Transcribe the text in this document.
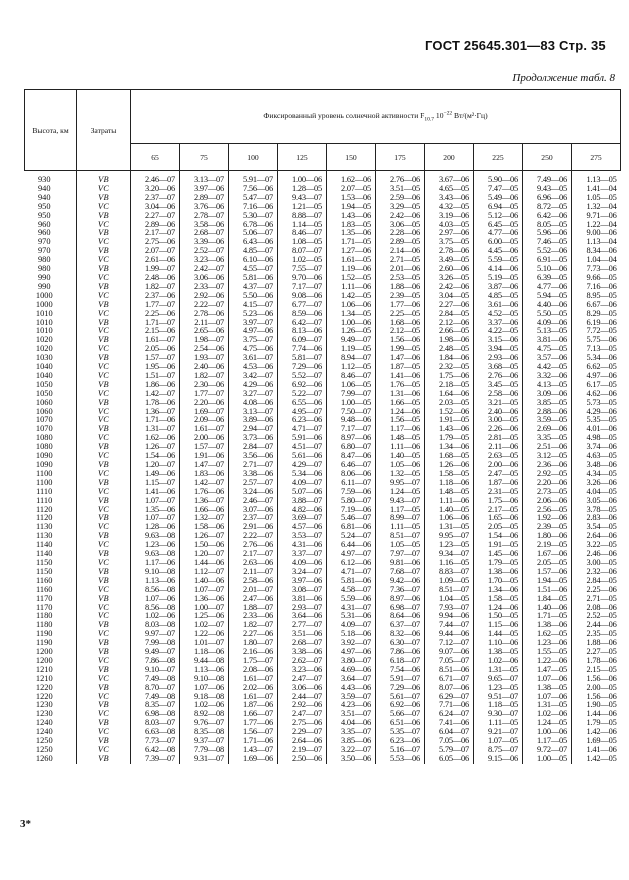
ГОСТ 25645.301—83 Стр. 35
Продолжение табл. 8
Высота, км	Затраты	Фиксированный уровень солнечной активности $F_{10.7}$ $10^{-22}$ Вт/(м²·Гц)									
		65	75	100	125	150	175	200	225	250	275
930	VB	2.46—07	3.13—07	5.91—07	1.00—06	1.62—06	2.76—06	3.67—06	5.90—06	7.49—06	1.13—05
940	VC	3.20—06	3.97—06	7.56—06	1.28—05	2.07—05	3.51—05	4.65—05	7.47—05	9.43—05	1.41—04
940	VB	2.37—07	2.89—07	5.47—07	9.43—07	1.53—06	2.59—06	3.43—06	5.49—06	6.96—06	1.05—05
950	VC	3.04—06	3.76—06	7.16—06	1.21—05	1.94—05	3.29—05	4.32—05	6.94—05	8.72—05	1.32—04
950	VB	2.27—07	2.78—07	5.30—07	8.88—07	1.43—06	2.42—06	3.19—06	5.12—06	6.42—06	9.71—06
960	VC	2.89—06	3.58—06	6.78—06	1.14—05	1.83—05	3.06—05	4.03—05	6.45—05	8.05—05	1.22—04
960	VB	2.17—07	2.68—07	5.06—07	8.46—07	1.35—06	2.28—06	2.97—06	4.77—06	5.96—06	9.00—06
970	VC	2.75—06	3.39—06	6.43—06	1.08—05	1.71—05	2.89—05	3.75—05	6.00—05	7.46—05	1.13—04
970	VB	2.07—07	2.52—07	4.85—07	8.07—07	1.27—06	2.14—06	2.78—06	4.45—06	5.52—06	8.34—06
980	VC	2.61—06	3.23—06	6.10—06	1.02—05	1.61—05	2.71—05	3.49—05	5.59—05	6.91—05	1.04—04
980	VB	1.99—07	2.42—07	4.55—07	7.55—07	1.19—06	2.01—06	2.60—06	4.14—06	5.10—06	7.73—06
990	VC	2.48—06	3.06—06	5.81—06	9.70—06	1.52—05	2.53—05	3.26—05	5.19—05	6.39—05	9.66—05
990	VB	1.82—07	2.33—07	4.37—07	7.17—07	1.11—06	1.88—06	2.42—06	3.87—06	4.77—06	7.16—06
1000	VC	2.37—06	2.92—06	5.50—06	9.08—06	1.42—05	2.39—05	3.04—05	4.85—05	5.94—05	8.95—05
1000	VB	1.77—07	2.22—07	4.15—07	6.77—07	1.06—06	1.77—06	2.27—06	3.61—06	4.40—06	6.67—06
1010	VC	2.25—06	2.78—06	5.23—06	8.59—06	1.34—05	2.25—05	2.84—05	4.52—05	5.50—05	8.29—05
1010	VB	1.71—07	2.11—07	3.97—07	6.42—07	1.00—06	1.68—06	2.12—06	3.37—06	4.09—06	6.19—06
1010	VC	2.15—06	2.65—06	4.97—06	8.13—06	1.26—05	2.12—05	2.66—05	4.22—05	5.13—05	7.72—05
1020	VB	1.61—07	1.98—07	3.75—07	6.09—07	9.49—07	1.56—06	1.98—06	3.15—06	3.81—06	5.75—06
1020	VC	2.05—06	2.54—06	4.75—06	7.74—06	1.19—05	1.99—05	2.48—05	3.94—05	4.75—05	7.13—05
1030	VB	1.57—07	1.93—07	3.61—07	5.81—07	8.94—07	1.47—06	1.84—06	2.93—06	3.57—06	5.34—06
1040	VC	1.95—06	2.40—06	4.53—06	7.29—06	1.12—05	1.87—05	2.32—05	3.68—05	4.42—05	6.62—05
1040	VC	1.51—07	1.82—07	3.42—07	5.52—07	8.46—07	1.41—06	1.75—06	2.76—06	3.32—06	4.97—06
1050	VB	1.86—06	2.30—06	4.29—06	6.92—06	1.06—05	1.76—05	2.18—05	3.45—05	4.13—05	6.17—05
1050	VC	1.42—07	1.77—07	3.27—07	5.22—07	7.99—07	1.31—06	1.64—06	2.58—06	3.09—06	4.62—06
1060	VB	1.78—06	2.20—06	4.08—06	6.55—06	1.00—05	1.66—05	2.03—05	3.21—05	3.85—05	5.73—05
1060	VC	1.36—07	1.69—07	3.13—07	4.95—07	7.50—07	1.24—06	1.52—06	2.40—06	2.88—06	4.29—06
1070	VC	1.71—06	2.09—06	3.89—06	6.23—06	9.48—06	1.56—05	1.91—05	3.00—05	3.59—05	5.35—05
1070	VB	1.31—07	1.61—07	2.94—07	4.71—07	7.17—07	1.17—06	1.43—06	2.26—06	2.69—06	4.01—06
1080	VC	1.62—06	2.00—06	3.73—06	5.91—06	8.97—06	1.48—05	1.79—05	2.81—05	3.35—05	4.98—05
1080	VB	1.26—07	1.57—07	2.84—07	4.51—07	6.80—07	1.11—06	1.34—06	2.11—06	2.51—06	3.74—06
1090	VC	1.54—06	1.91—06	3.56—06	5.61—06	8.47—06	1.40—05	1.68—05	2.63—05	3.12—05	4.63—05
1090	VB	1.20—07	1.47—07	2.71—07	4.29—07	6.46—07	1.05—06	1.26—06	2.00—06	2.36—06	3.48—06
1100	VC	1.49—06	1.83—06	3.38—06	5.34—06	8.06—06	1.32—05	1.58—05	2.47—05	2.92—05	4.34—05
1100	VB	1.15—07	1.42—07	2.57—07	4.09—07	6.11—07	9.95—07	1.18—06	1.87—06	2.20—06	3.26—06
1110	VC	1.41—06	1.76—06	3.24—06	5.07—06	7.59—06	1.24—05	1.48—05	2.31—05	2.73—05	4.04—05
1110	VB	1.07—07	1.36—07	2.46—07	3.88—07	5.80—07	9.43—07	1.11—06	1.75—06	2.06—06	3.05—06
1120	VC	1.35—06	1.66—06	3.07—06	4.82—06	7.19—06	1.17—05	1.40—05	2.17—05	2.56—05	3.78—05
1120	VB	1.07—07	1.32—07	2.37—07	3.69—07	5.46—07	8.99—07	1.06—06	1.65—06	1.92—06	2.83—06
1130	VC	1.28—06	1.58—06	2.91—06	4.57—06	6.81—06	1.11—05	1.31—05	2.05—05	2.39—05	3.54—05
1130	VB	9.63—08	1.26—07	2.22—07	3.53—07	5.24—07	8.51—07	9.95—07	1.54—06	1.80—06	2.64—06
1140	VC	1.23—06	1.50—06	2.76—06	4.31—06	6.44—06	1.05—05	1.23—05	1.91—05	2.19—05	3.22—05
1140	VB	9.63—08	1.20—07	2.17—07	3.37—07	4.97—07	7.97—07	9.34—07	1.45—06	1.67—06	2.46—06
1150	VC	1.17—06	1.44—06	2.63—06	4.09—06	6.12—06	9.81—06	1.16—05	1.79—05	2.05—05	3.00—05
1150	VB	9.10—08	1.12—07	2.11—07	3.24—07	4.71—07	7.68—07	8.83—07	1.38—06	1.57—06	2.32—06
1160	VB	1.13—06	1.40—06	2.58—06	3.97—06	5.81—06	9.42—06	1.09—05	1.70—05	1.94—05	2.84—05
1160	VC	8.56—08	1.07—07	2.01—07	3.08—07	4.58—07	7.36—07	8.51—07	1.34—06	1.51—06	2.25—06
1170	VB	1.07—06	1.36—06	2.47—06	3.81—06	5.59—06	8.97—06	1.04—05	1.58—05	1.84—05	2.71—05
1170	VC	8.56—08	1.00—07	1.88—07	2.93—07	4.31—07	6.98—07	7.93—07	1.24—06	1.40—06	2.08—06
1180	VC	1.02—06	1.25—06	2.33—06	3.64—06	5.31—06	8.64—06	9.94—06	1.50—05	1.71—05	2.52—05
1180	VB	8.03—08	1.02—07	1.82—07	2.77—07	4.09—07	6.37—07	7.44—07	1.15—06	1.38—06	2.44—06
1190	VC	9.97—07	1.22—06	2.27—06	3.51—06	5.18—06	8.32—06	9.44—06	1.44—05	1.62—05	2.35—05
1190	VB	7.99—08	1.01—07	1.80—07	2.68—07	3.92—07	6.30—07	7.12—07	1.10—06	1.23—06	1.88—06
1200	VB	9.49—07	1.18—06	2.16—06	3.38—06	4.97—06	7.86—06	9.07—06	1.38—05	1.55—05	2.27—05
1200	VC	7.86—08	9.44—08	1.75—07	2.62—07	3.80—07	6.18—07	7.05—07	1.02—06	1.22—06	1.78—06
1210	VB	9.10—07	1.13—06	2.08—06	3.23—06	4.69—06	7.54—06	8.51—06	1.31—05	1.47—05	2.15—05
1210	VC	7.49—08	9.10—08	1.61—07	2.47—07	3.64—07	5.91—07	6.71—07	9.65—07	1.07—06	1.56—06
1220	VB	8.70—07	1.07—06	2.02—06	3.06—06	4.43—06	7.29—06	8.07—06	1.23—05	1.38—05	2.00—05
1220	VC	7.49—08	9.18—08	1.61—07	2.44—07	3.59—07	5.61—07	6.29—07	9.51—07	1.07—06	1.56—06
1230	VB	8.35—07	1.02—06	1.87—06	2.92—06	4.23—06	6.92—06	7.71—06	1.18—05	1.31—05	1.90—05
1230	VC	6.98—08	8.92—08	1.66—07	2.47—07	3.51—07	5.66—07	6.24—07	9.30—07	1.02—06	1.44—06
1240	VB	8.03—07	9.76—07	1.77—06	2.75—06	4.04—06	6.51—06	7.41—06	1.11—05	1.24—05	1.79—05
1240	VC	6.63—08	8.35—08	1.56—07	2.29—07	3.35—07	5.35—07	6.04—07	9.21—07	1.00—06	1.42—06
1250	VB	7.73—07	9.37—07	1.71—06	2.64—06	3.85—06	6.23—06	7.05—06	1.07—05	1.17—05	1.69—05
1250	VC	6.42—08	7.79—08	1.43—07	2.19—07	3.22—07	5.16—07	5.79—07	8.75—07	9.72—07	1.41—06
1260	VB	7.39—07	9.31—07	1.69—06	2.50—06	3.50—06	5.53—06	6.05—06	9.15—06	1.00—05	1.42—05
3*
